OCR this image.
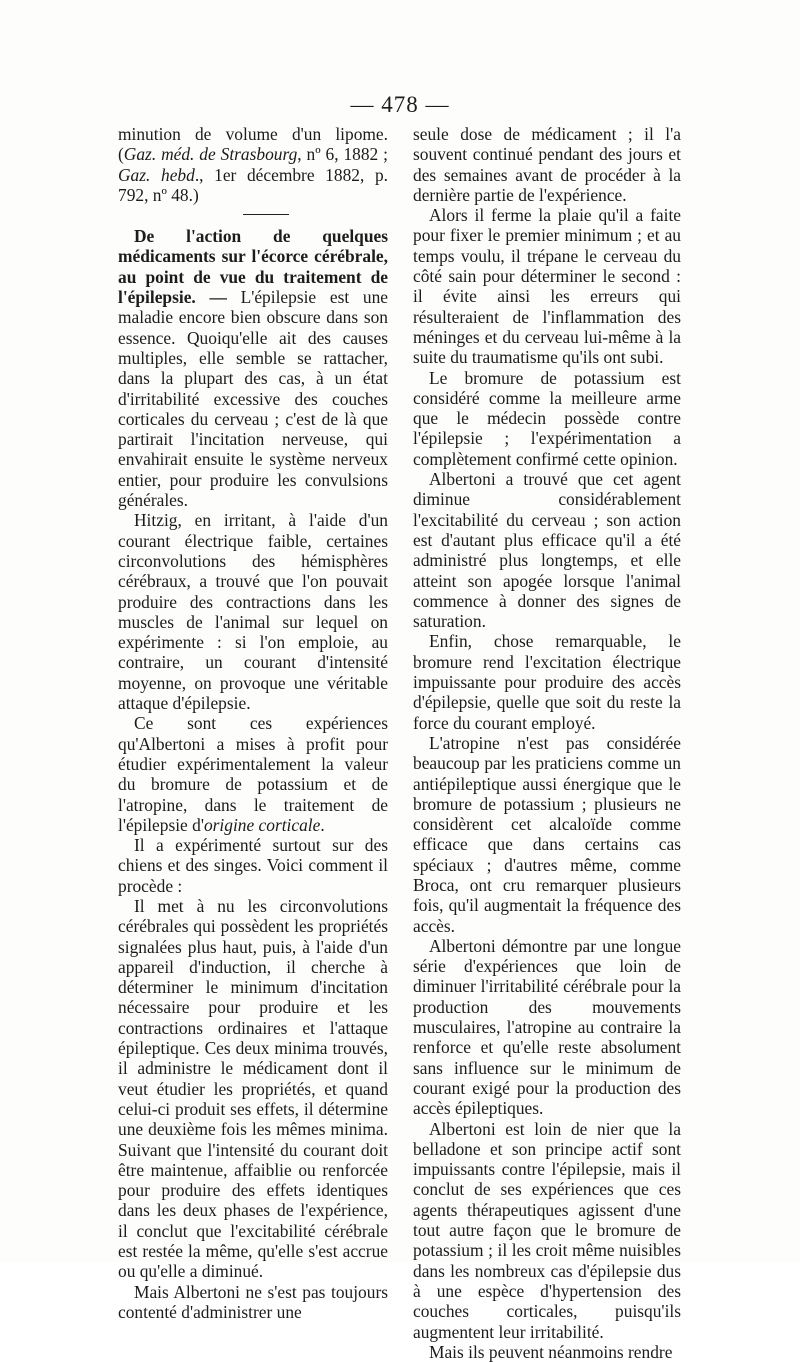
— 478 —

minution de volume d'un lipome. (Gaz. méd. de Strasbourg, nº 6, 1882 ; Gaz. hebd., 1er décembre 1882, p. 792, nº 48.)

De l'action de quelques médicaments sur l'écorce cérébrale, au point de vue du traitement de l'épilepsie. — L'épilepsie est une maladie encore bien obscure dans son essence. Quoiqu'elle ait des causes multiples, elle semble se rattacher, dans la plupart des cas, à un état d'irritabilité excessive des couches corticales du cerveau ; c'est de là que partirait l'incitation nerveuse, qui envahirait ensuite le système nerveux entier, pour produire les convulsions générales.

Hitzig, en irritant, à l'aide d'un courant électrique faible, certaines circonvolutions des hémisphères cérébraux, a trouvé que l'on pouvait produire des contractions dans les muscles de l'animal sur lequel on expérimente : si l'on emploie, au contraire, un courant d'intensité moyenne, on provoque une véritable attaque d'épilepsie.

Ce sont ces expériences qu'Albertoni a mises à profit pour étudier expérimentalement la valeur du bromure de potassium et de l'atropine, dans le traitement de l'épilepsie d'origine corticale.

Il a expérimenté surtout sur des chiens et des singes. Voici comment il procède :

Il met à nu les circonvolutions cérébrales qui possèdent les propriétés signalées plus haut, puis, à l'aide d'un appareil d'induction, il cherche à déterminer le minimum d'incitation nécessaire pour produire et les contractions ordinaires et l'attaque épileptique. Ces deux minima trouvés, il administre le médicament dont il veut étudier les propriétés, et quand celui-ci produit ses effets, il détermine une deuxième fois les mêmes minima. Suivant que l'intensité du courant doit être maintenue, affaiblie ou renforcée pour produire des effets identiques dans les deux phases de l'expérience, il conclut que l'excitabilité cérébrale est restée la même, qu'elle s'est accrue ou qu'elle a diminué.

Mais Albertoni ne s'est pas toujours contenté d'administrer une

seule dose de médicament ; il l'a souvent continué pendant des jours et des semaines avant de procéder à la dernière partie de l'expérience.

Alors il ferme la plaie qu'il a faite pour fixer le premier minimum ; et au temps voulu, il trépane le cerveau du côté sain pour déterminer le second : il évite ainsi les erreurs qui résulteraient de l'inflammation des méninges et du cerveau lui-même à la suite du traumatisme qu'ils ont subi.

Le bromure de potassium est considéré comme la meilleure arme que le médecin possède contre l'épilepsie ; l'expérimentation a complètement confirmé cette opinion.

Albertoni a trouvé que cet agent diminue considérablement l'excitabilité du cerveau ; son action est d'autant plus efficace qu'il a été administré plus longtemps, et elle atteint son apogée lorsque l'animal commence à donner des signes de saturation.

Enfin, chose remarquable, le bromure rend l'excitation électrique impuissante pour produire des accès d'épilepsie, quelle que soit du reste la force du courant employé.

L'atropine n'est pas considérée beaucoup par les praticiens comme un antiépileptique aussi énergique que le bromure de potassium ; plusieurs ne considèrent cet alcaloïde comme efficace que dans certains cas spéciaux ; d'autres même, comme Broca, ont cru remarquer plusieurs fois, qu'il augmentait la fréquence des accès.

Albertoni démontre par une longue série d'expériences que loin de diminuer l'irritabilité cérébrale pour la production des mouvements musculaires, l'atropine au contraire la renforce et qu'elle reste absolument sans influence sur le minimum de courant exigé pour la production des accès épileptiques.

Albertoni est loin de nier que la belladone et son principe actif sont impuissants contre l'épilepsie, mais il conclut de ses expériences que ces agents thérapeutiques agissent d'une tout autre façon que le bromure de potassium ; il les croit même nuisibles dans les nombreux cas d'épilepsie dus à une espèce d'hypertension des couches corticales, puisqu'ils augmentent leur irritabilité.

Mais ils peuvent néanmoins rendre
